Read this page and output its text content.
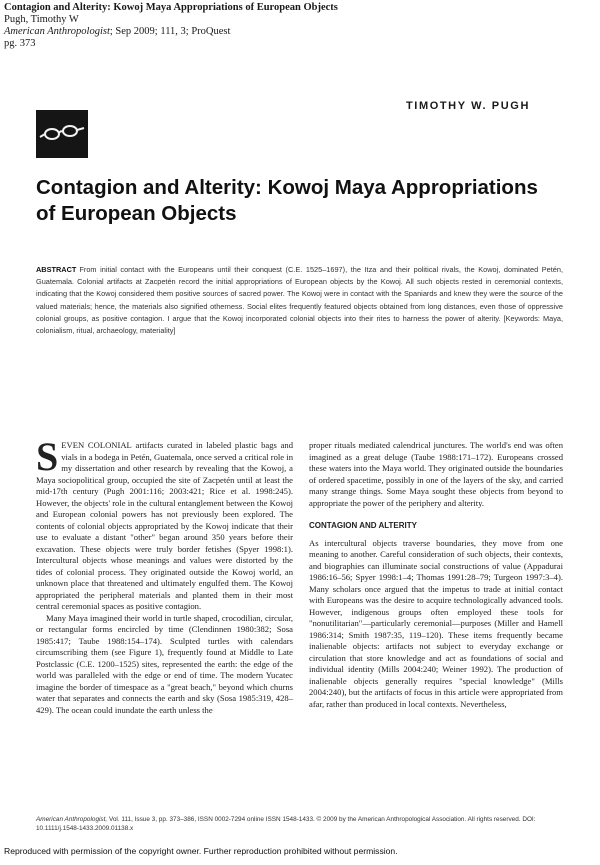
Contagion and Alterity: Kowoj Maya Appropriations of European Objects
Pugh, Timothy W
American Anthropologist; Sep 2009; 111, 3; ProQuest
pg. 373
TIMOTHY W. PUGH
Contagion and Alterity: Kowoj Maya Appropriations of European Objects
ABSTRACT From initial contact with the Europeans until their conquest (C.E. 1525–1697), the Itza and their political rivals, the Kowoj, dominated Petén, Guatemala. Colonial artifacts at Zacpetén record the initial appropriations of European objects by the Kowoj. All such objects rested in ceremonial contexts, indicating that the Kowoj considered them positive sources of sacred power. The Kowoj were in contact with the Spaniards and knew they were the source of the valued materials; hence, the materials also signified otherness. Social elites frequently featured objects obtained from long distances, even those of oppressive colonial groups, as positive contagion. I argue that the Kowoj incorporated colonial objects into their rites to harness the power of alterity. [Keywords: Maya, colonialism, ritual, archaeology, materiality]

SEVEN COLONIAL artifacts curated in labeled plastic bags and vials in a bodega in Petén, Guatemala, once served a critical role in my dissertation and other research by revealing that the Kowoj, a Maya sociopolitical group, occupied the site of Zacpetén until at least the mid-17th century (Pugh 2001:116; 2003:421; Rice et al. 1998:245). However, the objects' role in the cultural entanglement between the Kowoj and European colonial powers has not previously been explored. The contents of colonial objects appropriated by the Kowoj indicate that their use to evaluate a distant "other" began around 350 years before their excavation. These objects were truly border fetishes (Spyer 1998:1). Intercultural objects whose meanings and values were distorted by the tides of colonial process. They originated outside the Kowoj world, an unknown place that threatened and ultimately engulfed them. The Kowoj appropriated the peripheral materials and planted them in their most central ceremonial spaces as positive contagion.

Many Maya imagined their world in turtle shaped, crocodilian, circular, or rectangular forms encircled by time (Clendinnen 1980:382; Sosa 1985:417; Taube 1988:154–174). Sculpted turtles with calendars circumscribing them (see Figure 1), frequently found at Middle to Late Postclassic (C.E. 1200–1525) sites, represented the earth: the edge of the world was paralleled with the edge or end of time. The modern Yucatec imagine the border of timespace as a "great beach," beyond which churns water that separates and connects the earth and sky (Sosa 1985:319, 428–429). The ocean could inundate the earth unless the

proper rituals mediated calendrical junctures. The world's end was often imagined as a great deluge (Taube 1988:171–172). Europeans crossed these waters into the Maya world. They originated outside the boundaries of ordered spacetime, possibly in one of the layers of the sky, and carried many strange things. Some Maya sought these objects from beyond to appropriate the power of the periphery and alterity.

CONTAGION AND ALTERITY

As intercultural objects traverse boundaries, they move from one meaning to another. Careful consideration of such objects, their contexts, and biographies can illuminate social constructions of value (Appadurai 1986:16–56; Spyer 1998:1–4; Thomas 1991:28–79; Turgeon 1997:3–4). Many scholars once argued that the impetus to trade at initial contact with Europeans was the desire to acquire technologically advanced tools. However, indigenous groups often employed these tools for "nonutilitarian"—particularly ceremonial—purposes (Miller and Hamell 1986:314; Smith 1987:35, 119–120). These items frequently became inalienable objects: artifacts not subject to everyday exchange or circulation that store knowledge and act as foundations of social and individual identity (Mills 2004:240; Weiner 1992). The production of inalienable objects generally requires "special knowledge" (Mills 2004:240), but the artifacts of focus in this article were appropriated from afar, rather than produced in local contexts. Nevertheless,

American Anthropologist, Vol. 111, Issue 3, pp. 373–386, ISSN 0002-7294 online ISSN 1548-1433. © 2009 by the American Anthropological Association. All rights reserved. DOI: 10.1111/j.1548-1433.2009.01138.x
Reproduced with permission of the copyright owner. Further reproduction prohibited without permission.
